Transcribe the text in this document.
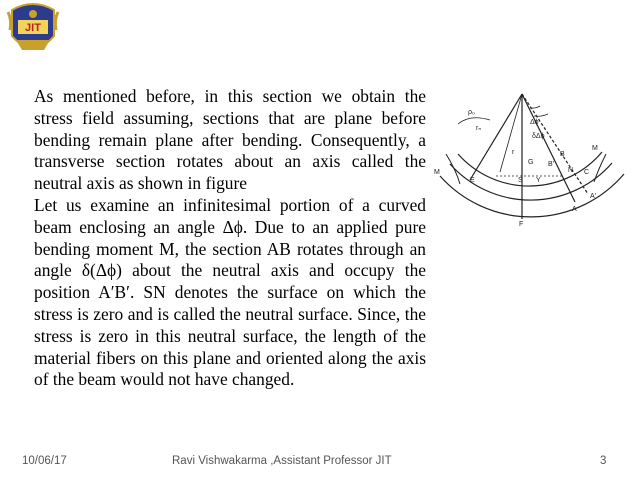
JIT

As mentioned before, in this section we obtain the stress field assuming, sections that are plane before bending remain plane after bending. Consequently, a transverse section rotates about an axis called the neutral axis as shown in figure

Let us examine an infinitesimal portion of a curved beam enclosing an angle Δϕ. Due to an applied pure bending moment M, the section AB rotates through an angle δ(Δϕ) about the neutral axis and occupy the position A′B′. SN denotes the surface on which the stress is zero and is called the neutral surface. Since, the stress is zero in this neutral surface, the length of the material fibers on this plane and oriented along the axis of the beam would not have changed.

ρ₀
rₙ
Δϕ
δΔϕ
r
G
B
B'
N C
S Y
E
M
M
A
A'
F
10/06/17	Ravi Vishwakarma ,Assistant Professor JIT	3
